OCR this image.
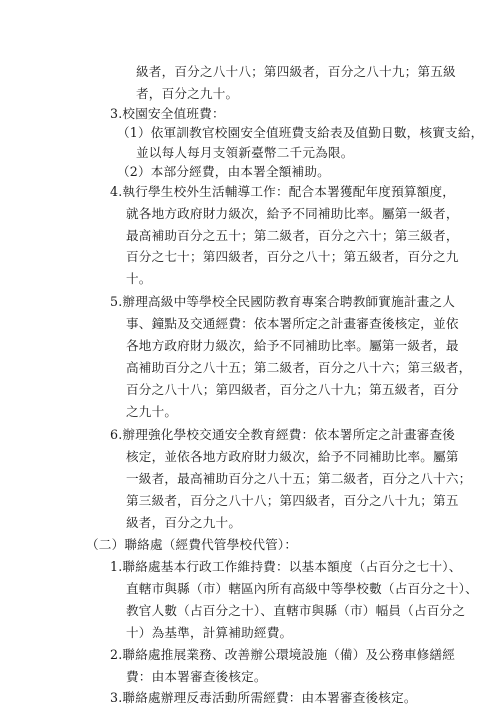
級者，百分之八十八；第四級者，百分之八十九；第五級
者，百分之九十。
3.校園安全值班費：
（1）依軍訓教官校園安全值班費支給表及值勤日數，核實支給，
並以每人每月支領新臺幣二千元為限。
（2）本部分經費，由本署全額補助。
4.執行學生校外生活輔導工作：配合本署獲配年度預算額度，
就各地方政府財力級次，給予不同補助比率。屬第一級者，
最高補助百分之五十；第二級者，百分之六十；第三級者，
百分之七十；第四級者，百分之八十；第五級者，百分之九
十。
5.辦理高級中等學校全民國防教育專案合聘教師實施計畫之人
事、鐘點及交通經費：依本署所定之計畫審查後核定，並依
各地方政府財力級次，給予不同補助比率。屬第一級者，最
高補助百分之八十五；第二級者，百分之八十六；第三級者，
百分之八十八；第四級者，百分之八十九；第五級者，百分
之九十。
6.辦理強化學校交通安全教育經費：依本署所定之計畫審查後
核定，並依各地方政府財力級次，給予不同補助比率。屬第
一級者，最高補助百分之八十五；第二級者，百分之八十六；
第三級者，百分之八十八；第四級者，百分之八十九；第五
級者，百分之九十。
（二）聯絡處（經費代管學校代管）：
1.聯絡處基本行政工作維持費：以基本額度（占百分之七十）、
直轄市與縣（市）轄區內所有高級中等學校數（占百分之十）、
教官人數（占百分之十）、直轄市與縣（市）幅員（占百分之
十）為基準，計算補助經費。
2.聯絡處推展業務、改善辦公環境設施（備）及公務車修繕經
費：由本署審查後核定。
3.聯絡處辦理反毒活動所需經費：由本署審查後核定。
